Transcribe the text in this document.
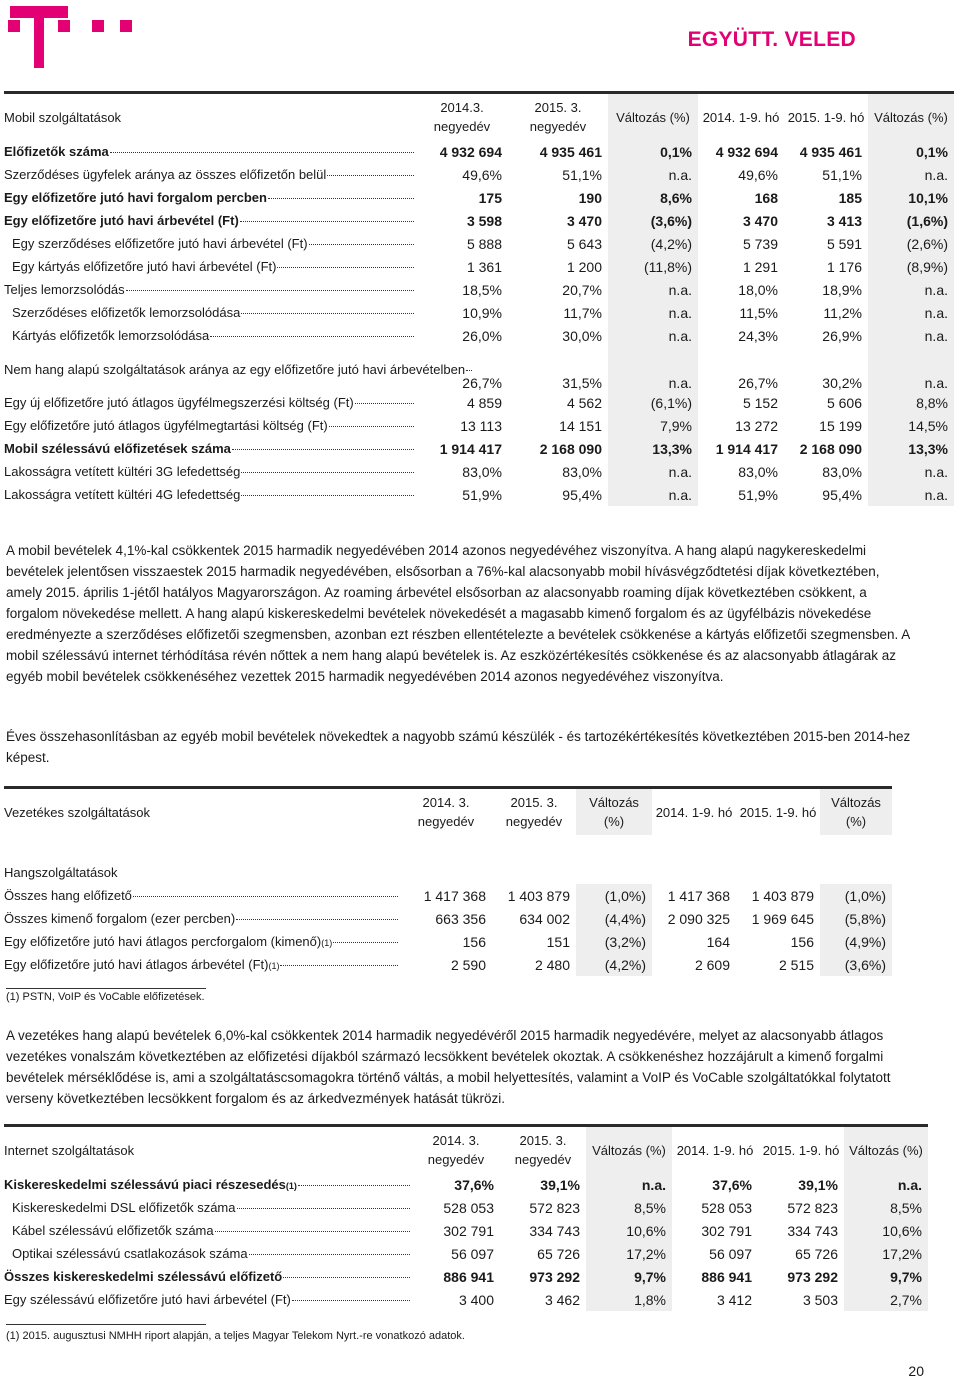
EGYÜTT. VELED
Mobil szolgáltatások	2014.3. negyedév	2015. 3. negyedév	Változás (%)	2014. 1-9. hó	2015. 1-9. hó	Változás (%)

Előfizetők száma	4 932 694	4 935 461	0,1%	4 932 694	4 935 461	0,1%

Szerződéses ügyfelek aránya az összes előfizetőn belül	49,6%	51,1%	n.a.	49,6%	51,1%	n.a.

Egy előfizetőre jutó havi forgalom percben	175	190	8,6%	168	185	10,1%

Egy előfizetőre jutó havi árbevétel (Ft)	3 598	3 470	(3,6%)	3 470	3 413	(1,6%)

Egy szerződéses előfizetőre jutó havi árbevétel (Ft)	5 888	5 643	(4,2%)	5 739	5 591	(2,6%)

Egy kártyás előfizetőre jutó havi árbevétel (Ft)	1 361	1 200	(11,8%)	1 291	1 176	(8,9%)

Teljes lemorzsolódás	18,5%	20,7%	n.a.	18,0%	18,9%	n.a.

Szerződéses előfizetők lemorzsolódása	10,9%	11,7%	n.a.	11,5%	11,2%	n.a.

Kártyás előfizetők lemorzsolódása	26,0%	30,0%	n.a.	24,3%	26,9%	n.a.

Nem hang alapú szolgáltatások aránya az egy előfizetőre jutó havi árbevételben	26,7%	31,5%	n.a.	26,7%	30,2%	n.a.

Egy új előfizetőre jutó átlagos ügyfélmegszerzési költség (Ft)	4 859	4 562	(6,1%)	5 152	5 606	8,8%

Egy előfizetőre jutó átlagos ügyfélmegtartási költség (Ft)	13 113	14 151	7,9%	13 272	15 199	14,5%

Mobil szélessávú előfizetések száma	1 914 417	2 168 090	13,3%	1 914 417	2 168 090	13,3%

Lakosságra vetített kültéri 3G lefedettség	83,0%	83,0%	n.a.	83,0%	83,0%	n.a.

Lakosságra vetített kültéri 4G lefedettség	51,9%	95,4%	n.a.	51,9%	95,4%	n.a.

A mobil bevételek 4,1%-kal csökkentek 2015 harmadik negyedévében 2014 azonos negyedévéhez viszonyítva. A hang alapú nagykereskedelmi bevételek jelentősen visszaestek 2015 harmadik negyedévében, elsősorban a 76%-kal alacsonyabb mobil hívásvégződtetési díjak következtében, amely 2015. április 1-jétől hatályos Magyarországon. Az roaming árbevétel elsősorban az alacsonyabb roaming díjak következtében csökkent, a forgalom növekedése mellett. A hang alapú kiskereskedelmi bevételek növekedését a magasabb kimenő forgalom és az ügyfélbázis növekedése eredményezte a szerződéses előfizetői szegmensben, azonban ezt részben ellentételezte a bevételek csökkenése a kártyás előfizetői szegmensben. A mobil szélessávú internet térhódítása révén nőttek a nem hang alapú bevételek is. Az eszközértékesítés csökkenése és az alacsonyabb átlagárak az egyéb mobil bevételek csökkenéséhez vezettek 2015 harmadik negyedévében 2014 azonos negyedévéhez viszonyítva.

Éves összehasonlításban az egyéb mobil bevételek növekedtek a nagyobb számú készülék - és tartozékértékesítés következtében 2015-ben 2014-hez képest.

Vezetékes szolgáltatások	2014. 3. negyedév	2015. 3. negyedév	Változás (%)	2014. 1-9. hó	2015. 1-9. hó	Változás (%)

Hangszolgáltatások						

Összes hang előfizető	1 417 368	1 403 879	(1,0%)	1 417 368	1 403 879	(1,0%)

Összes kimenő forgalom (ezer percben)	663 356	634 002	(4,4%)	2 090 325	1 969 645	(5,8%)

Egy előfizetőre jutó havi átlagos percforgalom (kimenő) (1)	156	151	(3,2%)	164	156	(4,9%)

Egy előfizetőre jutó havi átlagos árbevétel (Ft) (1)	2 590	2 480	(4,2%)	2 609	2 515	(3,6%)
(1) PSTN, VoIP és VoCable előfizetések.

A vezetékes hang alapú bevételek 6,0%-kal csökkentek 2014 harmadik negyedévéről 2015 harmadik negyedévére, melyet az alacsonyabb átlagos vezetékes vonalszám következtében az előfizetési díjakból származó lecsökkent bevételek okoztak. A csökkenéshez hozzájárult a kimenő forgalmi bevételek mérséklődése is, ami a szolgáltatáscsomagokra történő váltás, a mobil helyettesítés, valamint a VoIP és VoCable szolgáltatókkal folytatott verseny következtében lecsökkent forgalom és az árkedvezmények hatását tükrözi.

Internet szolgáltatások	2014. 3. negyedév	2015. 3. negyedév	Változás (%)	2014. 1-9. hó	2015. 1-9. hó	Változás (%)

Kiskereskedelmi szélessávú piaci részesedés (1)	37,6%	39,1%	n.a.	37,6%	39,1%	n.a.

Kiskereskedelmi DSL előfizetők száma	528 053	572 823	8,5%	528 053	572 823	8,5%

Kábel szélessávú előfizetők száma	302 791	334 743	10,6%	302 791	334 743	10,6%

Optikai szélessávú csatlakozások száma	56 097	65 726	17,2%	56 097	65 726	17,2%

Összes kiskereskedelmi szélessávú előfizető	886 941	973 292	9,7%	886 941	973 292	9,7%

Egy szélessávú előfizetőre jutó havi árbevétel (Ft)	3 400	3 462	1,8%	3 412	3 503	2,7%
(1) 2015. augusztusi NMHH riport alapján, a teljes Magyar Telekom Nyrt.-re vonatkozó adatok.
20
